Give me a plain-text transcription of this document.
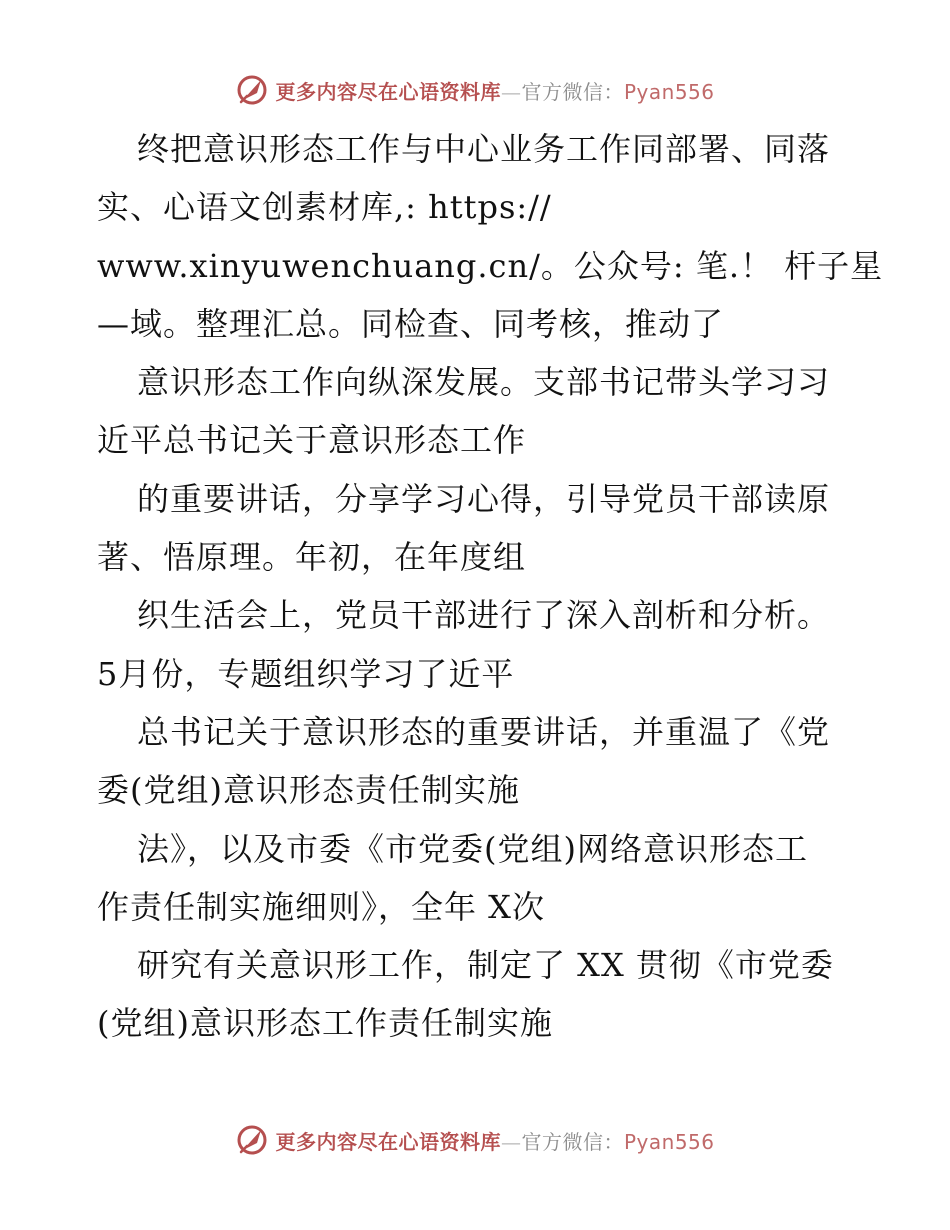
更多内容尽在心语资料库—官方微信：Pyan556
终把意识形态工作与中心业务工作同部署、同落
实、心语文创素材库,: https://
www.xinyuwenchuang.cn/。公众号: 笔.！ 杆子星
—域。整理汇总。同检查、同考核，推动了
意识形态工作向纵深发展。支部书记带头学习习
近平总书记关于意识形态工作
的重要讲话，分享学习心得，引导党员干部读原
著、悟原理。年初，在年度组
织生活会上，党员干部进行了深入剖析和分析。
5月份，专题组织学习了近平
总书记关于意识形态的重要讲话，并重温了《党
委(党组)意识形态责任制实施
法》，以及市委《市党委(党组)网络意识形态工
作责任制实施细则》，全年 X次
研究有关意识形工作，制定了 XX 贯彻《市党委
(党组)意识形态工作责任制实施
更多内容尽在心语资料库—官方微信：Pyan556
